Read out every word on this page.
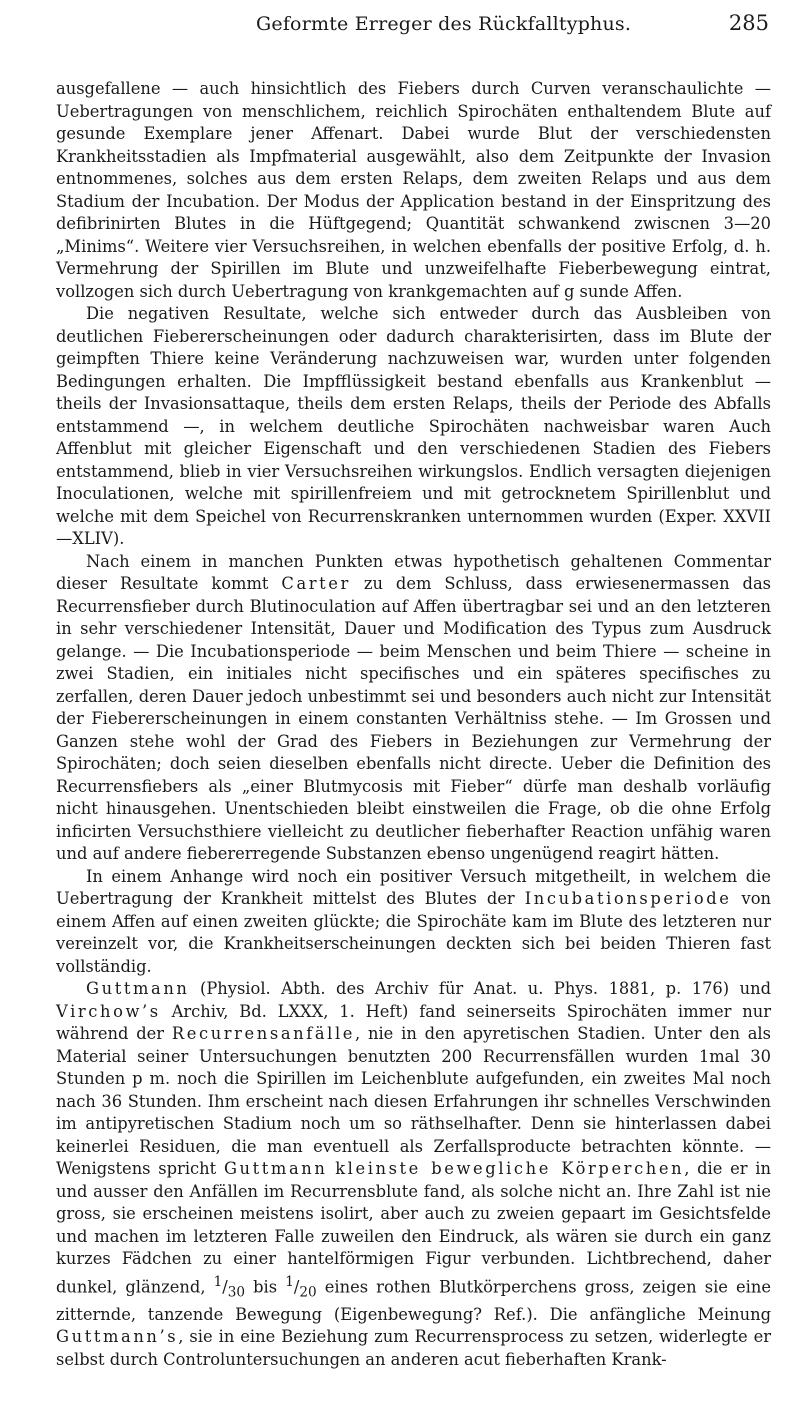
Geformte Erreger des Rückfalltyphus.	285

ausgefallene — auch hinsichtlich des Fiebers durch Curven veranschaulichte — Uebertragungen von menschlichem, reichlich Spirochäten enthaltendem Blute auf gesunde Exemplare jener Affenart. Dabei wurde Blut der verschiedensten Krankheitsstadien als Impfmaterial ausgewählt, also dem Zeitpunkte der Invasion entnommenes, solches aus dem ersten Relaps, dem zweiten Relaps und aus dem Stadium der Incubation. Der Modus der Application bestand in der Einspritzung des defibrinirten Blutes in die Hüftgegend; Quantität schwankend zwiscnen 3—20 „Minims“. Weitere vier Versuchsreihen, in welchen ebenfalls der positive Erfolg, d. h. Vermehrung der Spirillen im Blute und unzweifelhafte Fieberbewegung eintrat, vollzogen sich durch Uebertragung von krankgemachten auf g sunde Affen.

Die negativen Resultate, welche sich entweder durch das Ausbleiben von deutlichen Fiebererscheinungen oder dadurch charakterisirten, dass im Blute der geimpften Thiere keine Veränderung nachzuweisen war, wurden unter folgenden Bedingungen erhalten. Die Impfflüssigkeit bestand ebenfalls aus Krankenblut — theils der Invasionsattaque, theils dem ersten Relaps, theils der Periode des Abfalls entstammend —, in welchem deutliche Spirochäten nachweisbar waren Auch Affenblut mit gleicher Eigenschaft und den verschiedenen Stadien des Fiebers entstammend, blieb in vier Versuchsreihen wirkungslos. Endlich versagten diejenigen Inoculationen, welche mit spirillenfreiem und mit getrocknetem Spirillenblut und welche mit dem Speichel von Recurrenskranken unternommen wurden (Exper. XXVII—XLIV).

Nach einem in manchen Punkten etwas hypothetisch gehaltenen Commentar dieser Resultate kommt Carter zu dem Schluss, dass erwiesenermassen das Recurrensfieber durch Blutinoculation auf Affen übertragbar sei und an den letzteren in sehr verschiedener Intensität, Dauer und Modification des Typus zum Ausdruck gelange. — Die Incubationsperiode — beim Menschen und beim Thiere — scheine in zwei Stadien, ein initiales nicht specifisches und ein späteres specifisches zu zerfallen, deren Dauer jedoch unbestimmt sei und besonders auch nicht zur Intensität der Fiebererscheinungen in einem constanten Verhältniss stehe. — Im Grossen und Ganzen stehe wohl der Grad des Fiebers in Beziehungen zur Vermehrung der Spirochäten; doch seien dieselben ebenfalls nicht directe. Ueber die Definition des Recurrensfiebers als „einer Blutmycosis mit Fieber“ dürfe man deshalb vorläufig nicht hinausgehen. Unentschieden bleibt einstweilen die Frage, ob die ohne Erfolg inficirten Versuchsthiere vielleicht zu deutlicher fieberhafter Reaction unfähig waren und auf andere fiebererregende Substanzen ebenso ungenügend reagirt hätten.

In einem Anhange wird noch ein positiver Versuch mitgetheilt, in welchem die Uebertragung der Krankheit mittelst des Blutes der Incubationsperiode von einem Affen auf einen zweiten glückte; die Spirochäte kam im Blute des letzteren nur vereinzelt vor, die Krankheitserscheinungen deckten sich bei beiden Thieren fast vollständig.

Guttmann (Physiol. Abth. des Archiv für Anat. u. Phys. 1881, p. 176) und Virchow’s Archiv, Bd. LXXX, 1. Heft) fand seinerseits Spirochäten immer nur während der Recurrensanfälle, nie in den apyretischen Stadien. Unter den als Material seiner Untersuchungen benutzten 200 Recurrensfällen wurden 1mal 30 Stunden p m. noch die Spirillen im Leichenblute aufgefunden, ein zweites Mal noch nach 36 Stunden. Ihm erscheint nach diesen Erfahrungen ihr schnelles Verschwinden im antipyretischen Stadium noch um so räthselhafter. Denn sie hinterlassen dabei keinerlei Residuen, die man eventuell als Zerfallsproducte betrachten könnte. — Wenigstens spricht Guttmann kleinste bewegliche Körperchen, die er in und ausser den Anfällen im Recurrensblute fand, als solche nicht an. Ihre Zahl ist nie gross, sie erscheinen meistens isolirt, aber auch zu zweien gepaart im Gesichtsfelde und machen im letzteren Falle zuweilen den Eindruck, als wären sie durch ein ganz kurzes Fädchen zu einer hantelförmigen Figur verbunden. Lichtbrechend, daher dunkel, glänzend, $^1/_{30}$ bis $^1/_{20}$ eines rothen Blutkörperchens gross, zeigen sie eine zitternde, tanzende Bewegung (Eigenbewegung? Ref.). Die anfängliche Meinung Guttmann’s, sie in eine Beziehung zum Recurrensprocess zu setzen, widerlegte er selbst durch Controluntersuchungen an anderen acut fieberhaften Krank-
